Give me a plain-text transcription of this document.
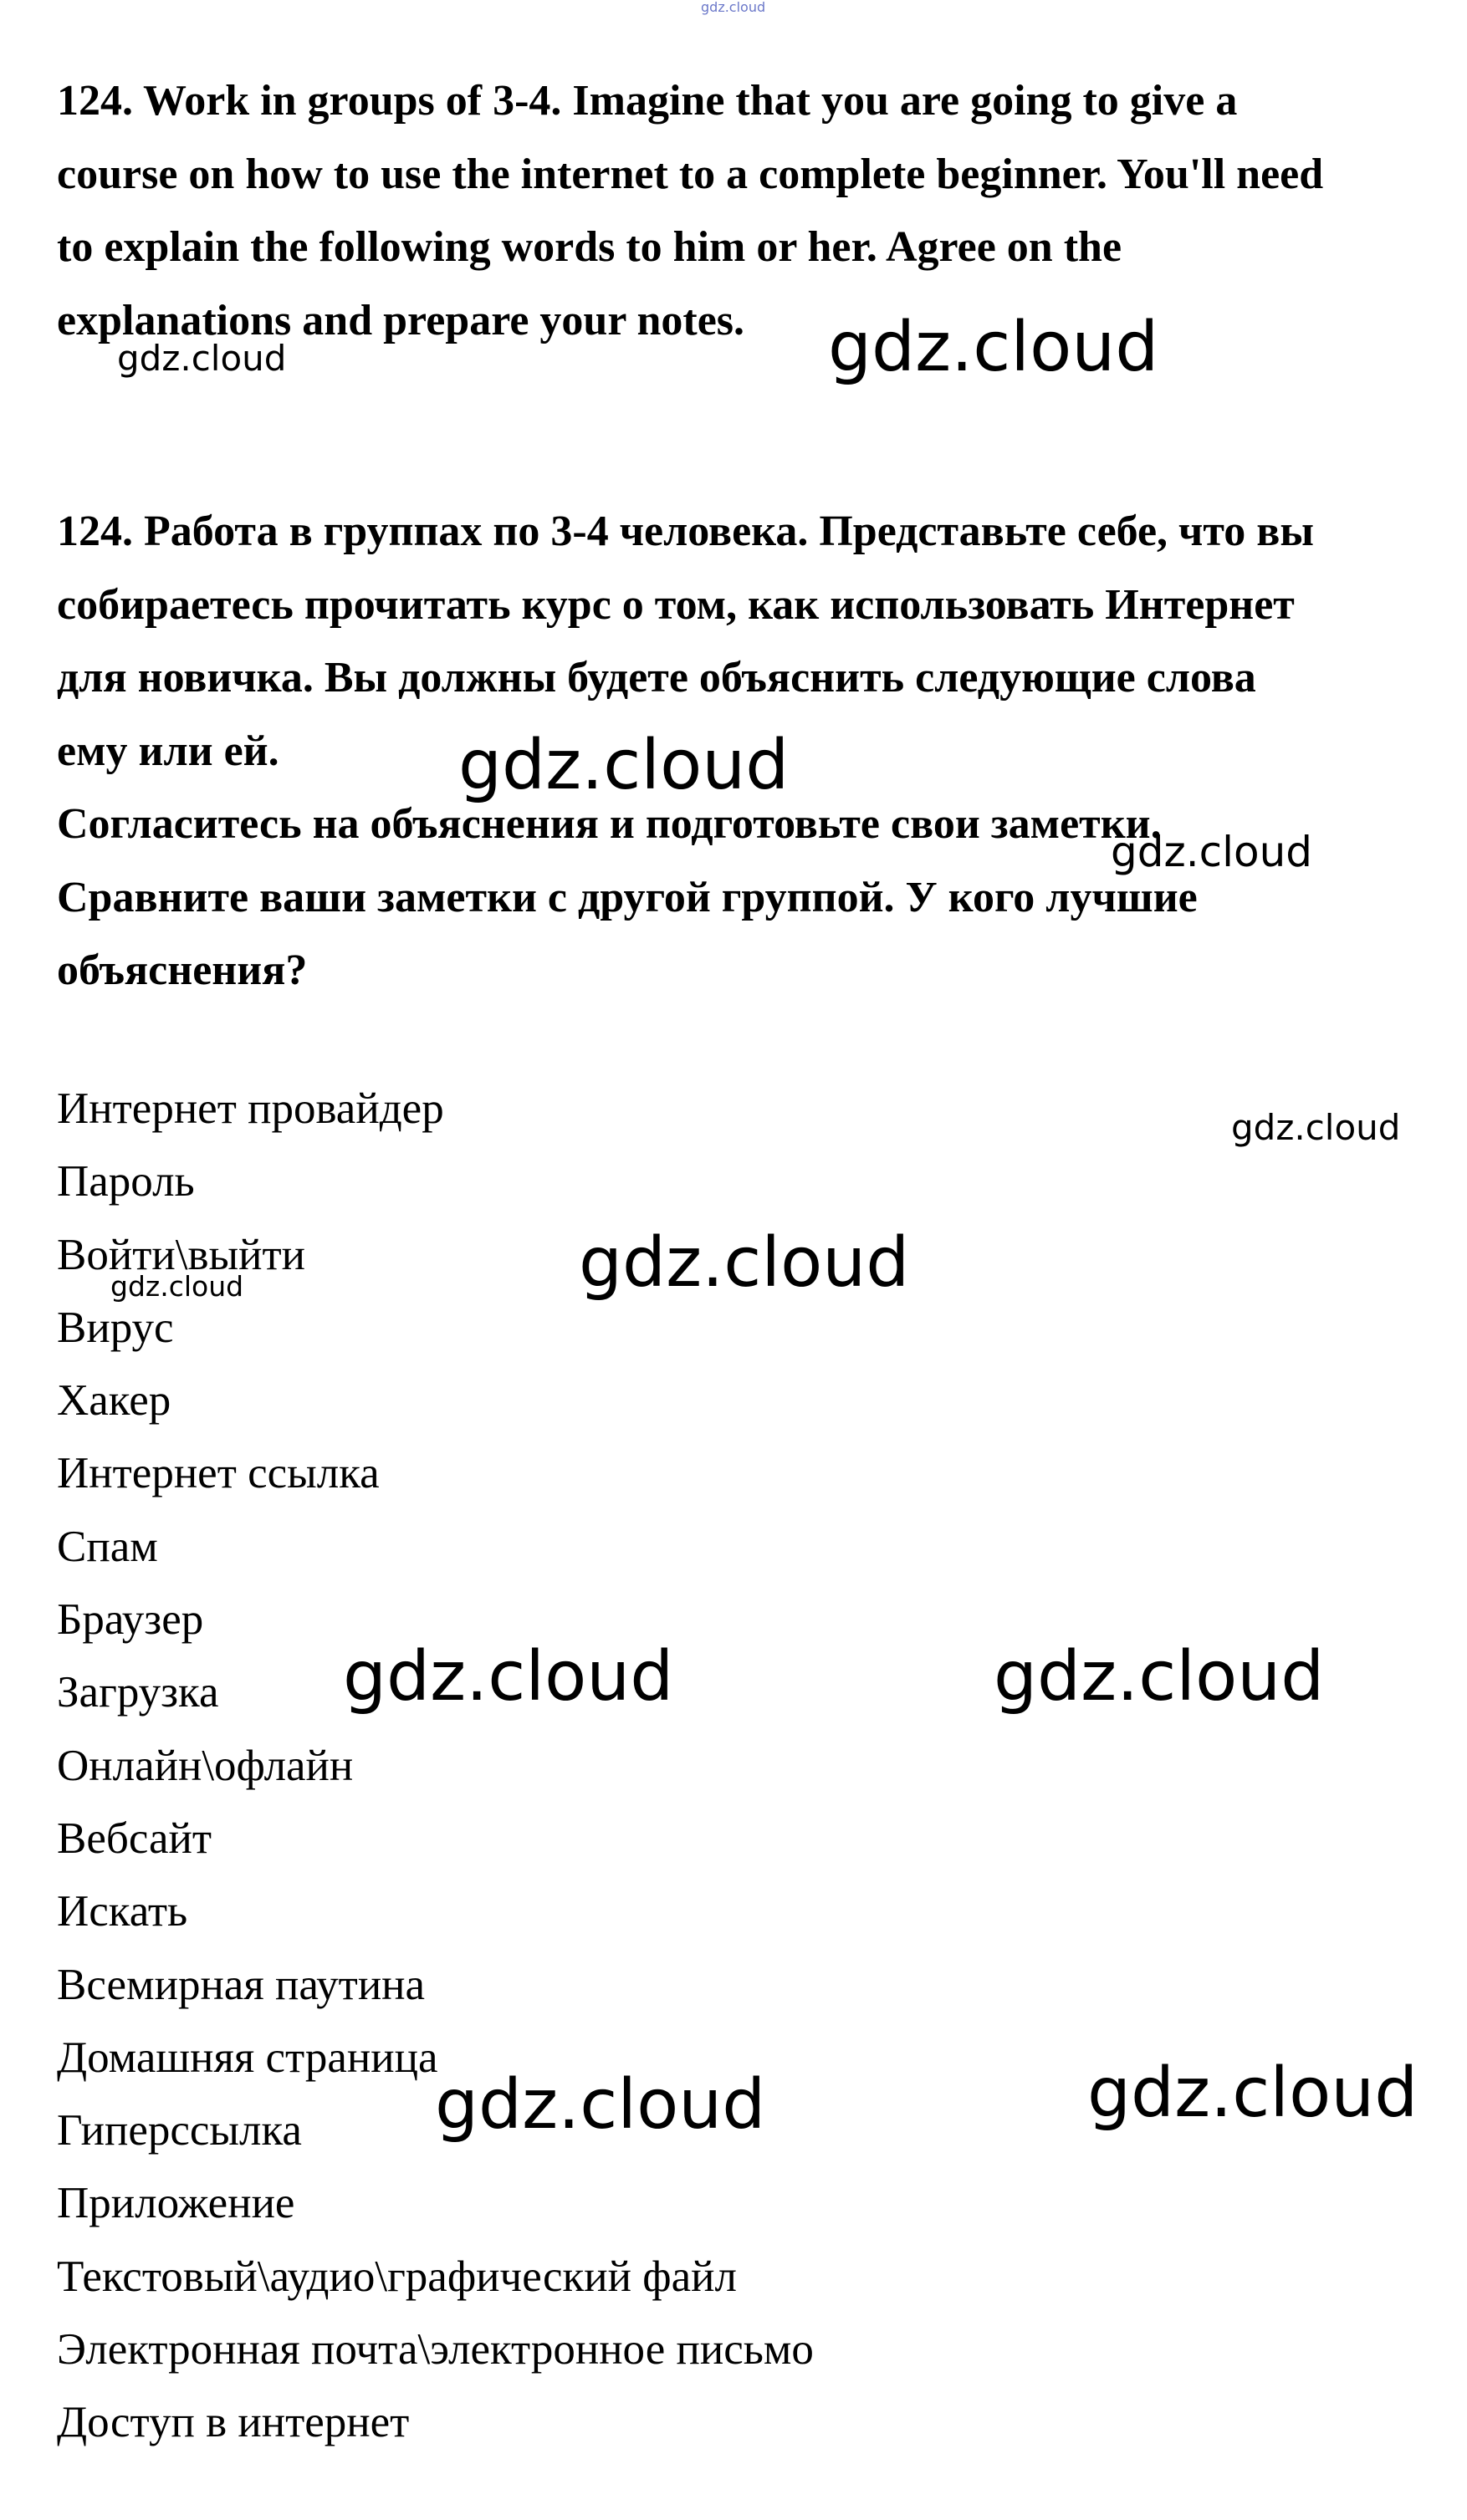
gdz.cloud
124. Work in groups of 3-4. Imagine that you are going to give a
course on how to use the internet to a complete beginner. You'll need
to explain the following words to him or her. Agree on the
explanations and prepare your notes.
124. Работа в группах по 3-4 человека. Представьте себе, что вы
собираетесь прочитать курс о том, как использовать Интернет
для новичка. Вы должны будете объяснить следующие слова
ему или ей.
Согласитесь на объяснения и подготовьте свои заметки.
Сравните ваши заметки с другой группой. У кого лучшие
объяснения?
Интернет провайдер
Пароль
Войти\выйти
Вирус
Хакер
Интернет ссылка
Спам
Браузер
Загрузка
Онлайн\офлайн
Вебсайт
Искать
Всемирная паутина
Домашняя страница
Гиперссылка
Приложение
Текстовый\аудио\графический файл
Электронная почта\электронное письмо
Доступ в интернет
gdz.cloud	gdz.cloud
gdz.cloud
gdz.cloud
gdz.cloud
gdz.cloud
gdz.cloud
gdz.cloud	gdz.cloud
gdz.cloud	gdz.cloud
